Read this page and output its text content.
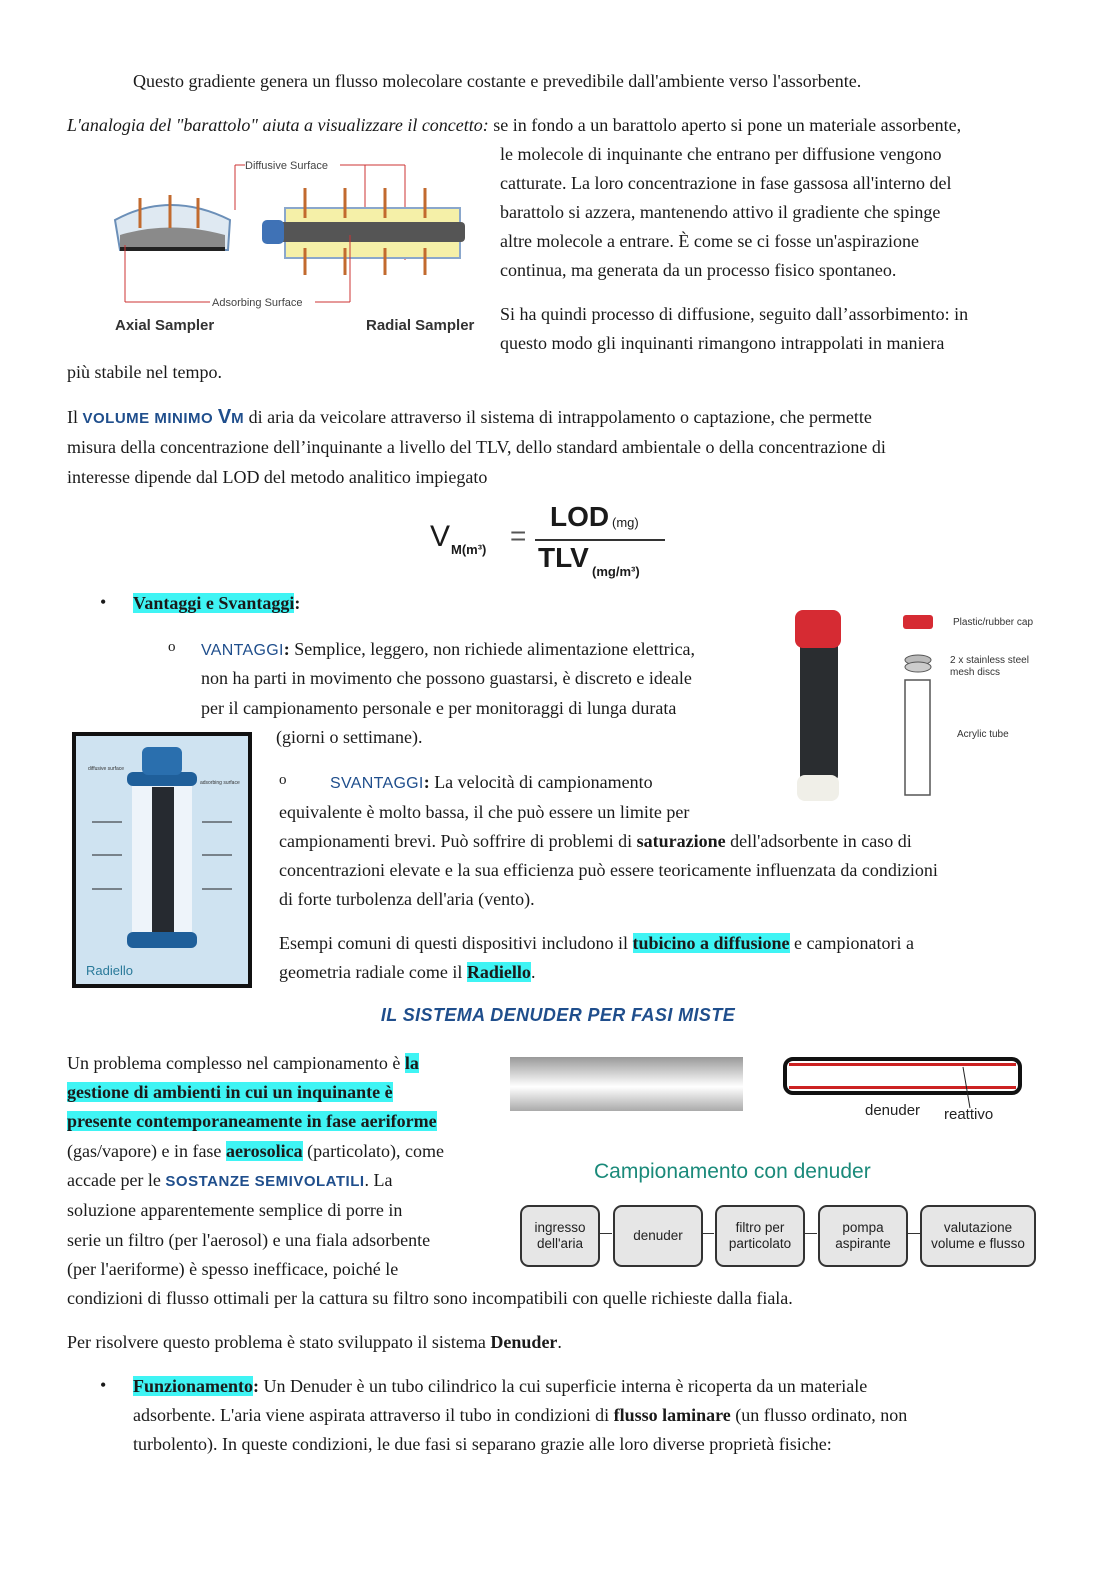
Questo gradiente genera un flusso molecolare costante e prevedibile dall'ambiente verso l'assorbente.
L'analogia del "barattolo" aiuta a visualizzare il concetto: se in fondo a un barattolo aperto si pone un materiale assorbente,
le molecole di inquinante che entrano per diffusione vengono
catturate. La loro concentrazione in fase gassosa all'interno del
barattolo si azzera, mantenendo attivo il gradiente che spinge
altre molecole a entrare. È come se ci fosse un'aspirazione
continua, ma generata da un processo fisico spontaneo.
Si ha quindi processo di diffusione, seguito dall’assorbimento: in
questo modo gli inquinanti rimangono intrappolati in maniera
più stabile nel tempo.
Il VOLUME MINIMO VM di aria da veicolare attraverso il sistema di intrappolamento o captazione, che permette
misura della concentrazione dell’inquinante a livello del TLV, dello standard ambientale o della concentrazione di
interesse dipende dal LOD del metodo analitico impiegato
V M(m³) =
LOD (mg)
TLV (mg/m³)
• Vantaggi e Svantaggi:
o VANTAGGI: Semplice, leggero, non richiede alimentazione elettrica,
non ha parti in movimento che possono guastarsi, è discreto e ideale
per il campionamento personale e per monitoraggi di lunga durata
(giorni o settimane).
o	SVANTAGGI: La velocità di campionamento
equivalente è molto bassa, il che può essere un limite per
campionamenti brevi. Può soffrire di problemi di saturazione dell'adsorbente in caso di
concentrazioni elevate e la sua efficienza può essere teoricamente influenzata da condizioni
di forte turbolenza dell'aria (vento).
Esempi comuni di questi dispositivi includono il tubicino a diffusione e campionatori a
geometria radiale come il Radiello.
IL SISTEMA DENUDER PER FASI MISTE
Un problema complesso nel campionamento è la
gestione di ambienti in cui un inquinante è
presente contemporaneamente in fase aeriforme
(gas/vapore) e in fase aerosolica (particolato), come
accade per le SOSTANZE SEMIVOLATILI. La
soluzione apparentemente semplice di porre in
serie un filtro (per l'aerosol) e una fiala adsorbente
(per l'aeriforme) è spesso inefficace, poiché le
condizioni di flusso ottimali per la cattura su filtro sono incompatibili con quelle richieste dalla fiala.
Per risolvere questo problema è stato sviluppato il sistema Denuder.
• Funzionamento: Un Denuder è un tubo cilindrico la cui superficie interna è ricoperta da un materiale
adsorbente. L'aria viene aspirata attraverso il tubo in condizioni di flusso laminare (un flusso ordinato, non
turbolento). In queste condizioni, le due fasi si separano grazie alle loro diverse proprietà fisiche:
Diffusive Surface
Adsorbing Surface
Axial Sampler	Radial Sampler
Plastic/rubber cap
2 x stainless steel
mesh discs
Acrylic tube
diffusive surface
adsorbing surface
Radiello
denuder reattivo
Campionamento con denuder
ingresso
dell'aria
denuder
filtro per
particolato
pompa
aspirante
valutazione
volume e flusso
